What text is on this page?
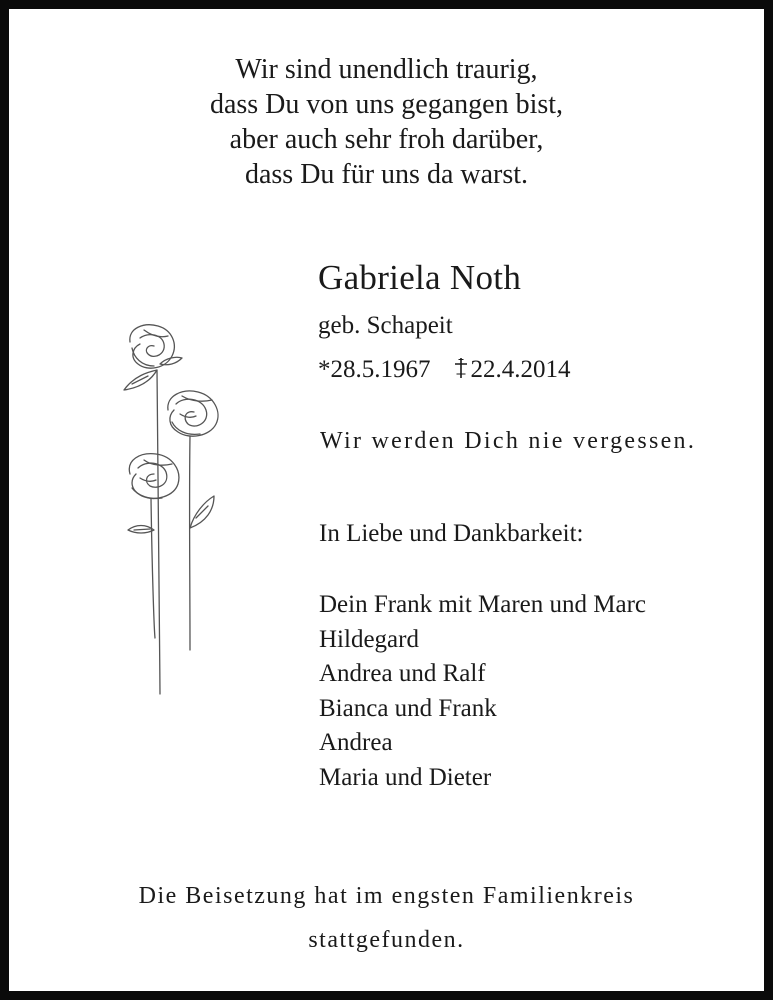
Wir sind unendlich traurig,
dass Du von uns gegangen bist,
aber auch sehr froh darüber,
dass Du für uns da warst.
Gabriela Noth
geb. Schapeit
*28.5.1967 22.4.2014
Wir werden Dich nie vergessen.
In Liebe und Dankbarkeit:
Dein Frank mit Maren und Marc
Hildegard
Andrea und Ralf
Bianca und Frank
Andrea
Maria und Dieter
Die Beisetzung hat im engsten Familienkreis
stattgefunden.
